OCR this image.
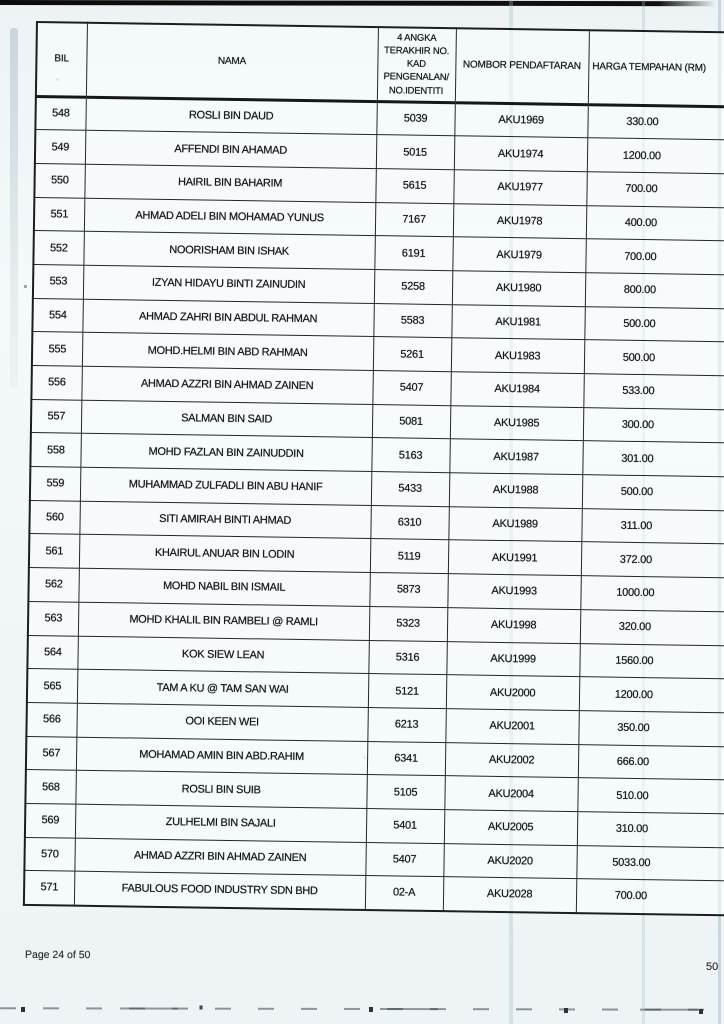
BIL	NAMA	4 ANGKA TERAKHIR NO. KAD PENGENALAN/ NO.IDENTITI	NOMBOR PENDAFTARAN	HARGA TEMPAHAN (RM)
548	ROSLI BIN DAUD	5039	AKU1969	330.00
549	AFFENDI BIN AHAMAD	5015	AKU1974	1200.00
550	HAIRIL BIN BAHARIM	5615	AKU1977	700.00
551	AHMAD ADELI BIN MOHAMAD YUNUS	7167	AKU1978	400.00
552	NOORISHAM BIN ISHAK	6191	AKU1979	700.00
553	IZYAN HIDAYU BINTI ZAINUDIN	5258	AKU1980	800.00
554	AHMAD ZAHRI BIN ABDUL RAHMAN	5583	AKU1981	500.00
555	MOHD.HELMI BIN ABD RAHMAN	5261	AKU1983	500.00
556	AHMAD AZZRI BIN AHMAD ZAINEN	5407	AKU1984	533.00
557	SALMAN BIN SAID	5081	AKU1985	300.00
558	MOHD FAZLAN BIN ZAINUDDIN	5163	AKU1987	301.00
559	MUHAMMAD ZULFADLI BIN ABU HANIF	5433	AKU1988	500.00
560	SITI AMIRAH BINTI AHMAD	6310	AKU1989	311.00
561	KHAIRUL ANUAR BIN LODIN	5119	AKU1991	372.00
562	MOHD NABIL BIN ISMAIL	5873	AKU1993	1000.00
563	MOHD KHALIL BIN RAMBELI @ RAMLI	5323	AKU1998	320.00
564	KOK SIEW LEAN	5316	AKU1999	1560.00
565	TAM A KU @ TAM SAN WAI	5121	AKU2000	1200.00
566	OOI KEEN WEI	6213	AKU2001	350.00
567	MOHAMAD AMIN BIN ABD.RAHIM	6341	AKU2002	666.00
568	ROSLI BIN SUIB	5105	AKU2004	510.00
569	ZULHELMI BIN SAJALI	5401	AKU2005	310.00
570	AHMAD AZZRI BIN AHMAD ZAINEN	5407	AKU2020	5033.00
571	FABULOUS FOOD INDUSTRY SDN BHD	02-A	AKU2028	700.00
Page 24 of 50
50
